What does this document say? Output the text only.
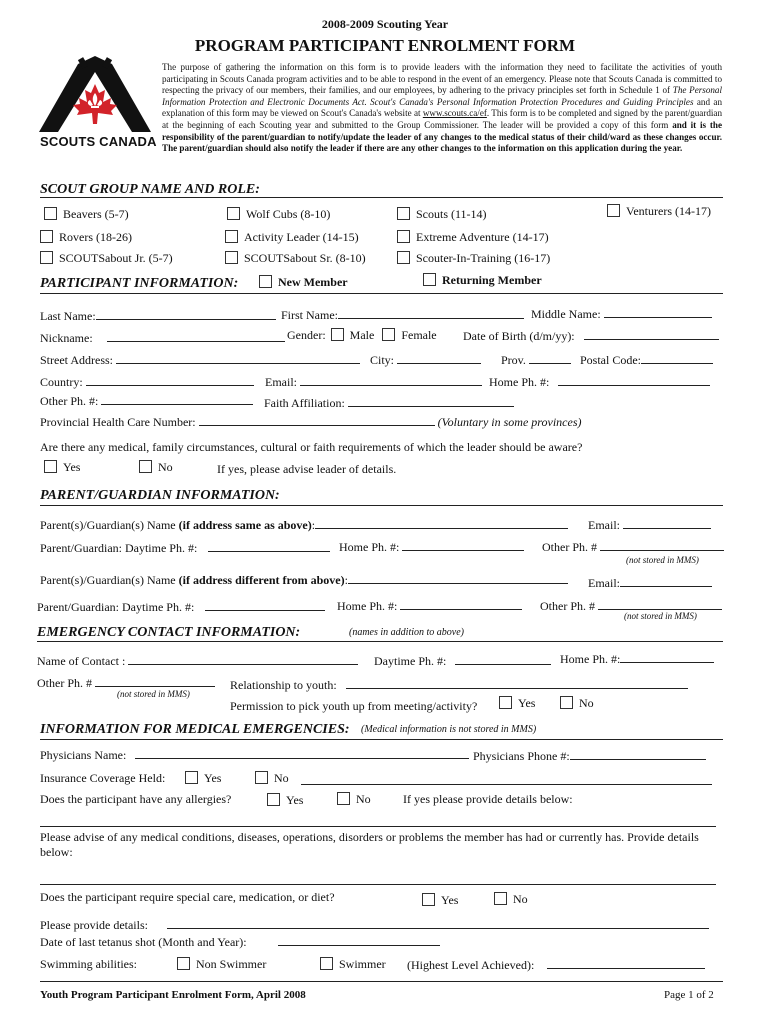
2008-2009 Scouting Year
PROGRAM PARTICIPANT ENROLMENT FORM
SCOUTS CANADA
The purpose of gathering the information on this form is to provide leaders with the information they need to facilitate the activities of youth participating in Scouts Canada program activities and to be able to respond in the event of an emergency. Please note that Scouts Canada is committed to respecting the privacy of our members, their families, and our employees, by adhering to the privacy principles set forth in Schedule 1 of The Personal Information Protection and Electronic Documents Act. Scout's Canada's Personal Information Protection Procedures and Guiding Principles and an explanation of this form may be viewed on Scout's Canada's website at www.scouts.ca/ef. This form is to be completed and signed by the parent/guardian at the beginning of each Scouting year and submitted to the Group Commissioner. The leader will be provided a copy of this form and it is the responsibility of the parent/guardian to notify/update the leader of any changes to the medical status of their child/ward as these changes occur. The parent/guardian should also notify the leader if there are any other changes to the information on this application during the year.
SCOUT GROUP NAME AND ROLE:
Beavers (5-7)	Wolf Cubs (8-10)	Scouts (11-14)	Venturers (14-17)
Rovers (18-26)	Activity Leader (14-15)	Extreme Adventure (14-17)
SCOUTSabout Jr. (5-7)	SCOUTSabout Sr. (8-10)	Scouter-In-Training (16-17)
PARTICIPANT INFORMATION:	New Member	Returning Member
Last Name:	First Name:	Middle Name:
Nickname:	Gender: Male Female Date of Birth (d/m/yy):
Street Address:	City:	Prov.	Postal Code:
Country:	Email:	Home Ph. #:
Other Ph. #:	Faith Affiliation:
Provincial Health Care Number:	(Voluntary in some provinces)
Are there any medical, family circumstances, cultural or faith requirements of which the leader should be aware?
Yes	No	If yes, please advise leader of details.
PARENT/GUARDIAN INFORMATION:
Parent(s)/Guardian(s) Name (if address same as above):	Email:
Parent/Guardian: Daytime Ph. #:	Home Ph. #:	Other Ph. #
(not stored in MMS)
Parent(s)/Guardian(s) Name (if address different from above):	Email:
Parent/Guardian: Daytime Ph. #:	Home Ph. #:	Other Ph. #
(not stored in MMS)
EMERGENCY CONTACT INFORMATION:	(names in addition to above)
Name of Contact :	Daytime Ph. #:	Home Ph. #:
Other Ph. #
(not stored in MMS)
Relationship to youth:
Permission to pick youth up from meeting/activity?	Yes	No
INFORMATION FOR MEDICAL EMERGENCIES: (Medical information is not stored in MMS)
Physicians Name:	Physicians Phone #:
Insurance Coverage Held:	Yes	No
Does the participant have any allergies?	Yes	No	If yes please provide details below:
Please advise of any medical conditions, diseases, operations, disorders or problems the member has had or currently has. Provide details below:
Does the participant require special care, medication, or diet?	Yes	No
Please provide details:
Date of last tetanus shot (Month and Year):
Swimming abilities:	Non Swimmer	Swimmer (Highest Level Achieved):
Youth Program Participant Enrolment Form, April 2008	Page 1 of 2
